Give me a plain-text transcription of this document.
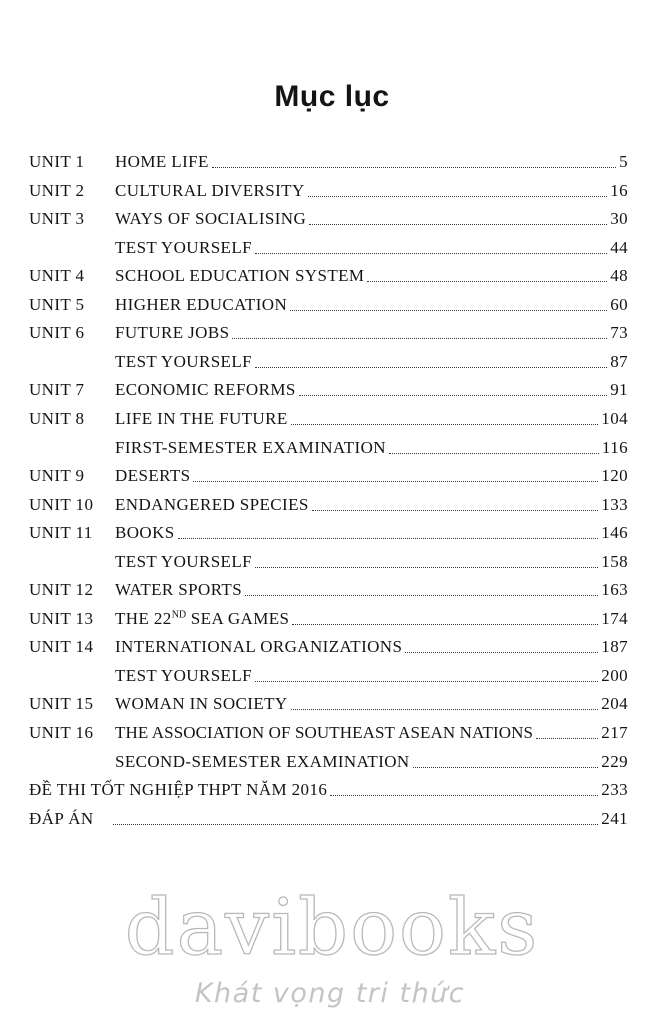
Mục lục
UNIT 1 HOME LIFE	5
UNIT 2 CULTURAL DIVERSITY	16
UNIT 3 WAYS OF SOCIALISING	30
TEST YOURSELF	44
UNIT 4 SCHOOL EDUCATION SYSTEM	48
UNIT 5 HIGHER EDUCATION	60
UNIT 6 FUTURE JOBS	73
TEST YOURSELF	87
UNIT 7 ECONOMIC REFORMS	91
UNIT 8 LIFE IN THE FUTURE	104
FIRST-SEMESTER EXAMINATION	116
UNIT 9 DESERTS	120
UNIT 10 ENDANGERED SPECIES	133
UNIT 11 BOOKS	146
TEST YOURSELF	158
UNIT 12 WATER SPORTS	163
UNIT 13 THE 22ND SEA GAMES	174
UNIT 14 INTERNATIONAL ORGANIZATIONS	187
TEST YOURSELF	200
UNIT 15 WOMAN IN SOCIETY	204
UNIT 16 THE ASSOCIATION OF SOUTHEAST ASEAN NATIONS	217
SECOND-SEMESTER EXAMINATION	229
ĐỀ THI TỐT NGHIỆP THPT NĂM 2016	233
ĐÁP ÁN	241
davibooks
Khát vọng tri thức
